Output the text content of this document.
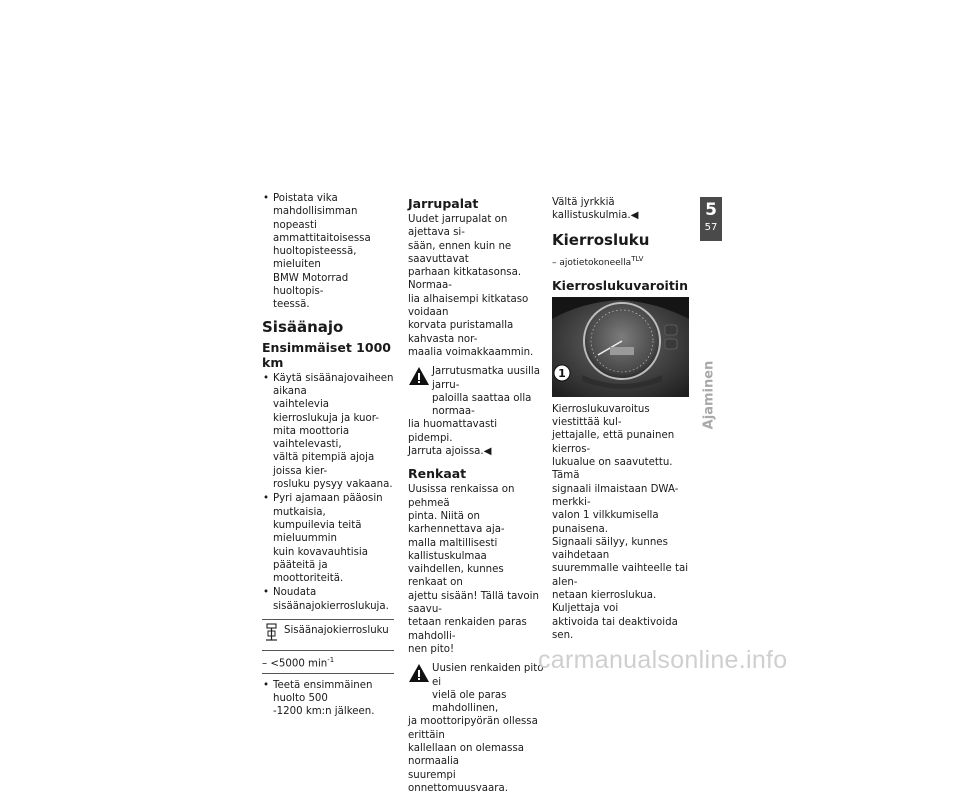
• Poistata vika mahdollisimman
nopeasti ammattitaitoisessa
huoltopisteessä, mieluiten
BMW Motorrad huoltopis-
teessä.
Sisäänajo
Ensimmäiset 1000 km
• Käytä sisäänajovaiheen aikana
vaihtelevia kierroslukuja ja kuor-
mita moottoria vaihtelevasti,
vältä pitempiä ajoja joissa kier-
rosluku pysyy vakaana.
• Pyri ajamaan pääosin mutkaisia,
kumpuilevia teitä mieluummin
kuin kovavauhtisia pääteitä ja
moottoriteitä.
• Noudata sisäänajokierroslukuja.
Sisäänajokierrosluku
– <5000 $\min^{-1}$
• Teetä ensimmäinen huolto 500
-1200 km:n jälkeen.
Jarrupalat

Uudet jarrupalat on ajettava si-
sään, ennen kuin ne saavuttavat
parhaan kitkatasonsa. Normaa-
lia alhaisempi kitkataso voidaan
korvata puristamalla kahvasta nor-
maalia voimakkaammin.

Jarrutusmatka uusilla jarru-
paloilla saattaa olla normaa-

lia huomattavasti pidempi.
Jarruta ajoissa.◀

Renkaat

Uusissa renkaissa on pehmeä
pinta. Niitä on karhennettava aja-
malla maltillisesti kallistuskulmaa
vaihdellen, kunnes renkaat on
ajettu sisään! Tällä tavoin saavu-
tetaan renkaiden paras mahdolli-
nen pito!

Uusien renkaiden pito ei
vielä ole paras mahdollinen,

ja moottoripyörän ollessa erittäin
kallellaan on olemassa normaalia
suurempi onnettomuusvaara.

Vältä jyrkkiä kallistuskulmia.◀

Kierrosluku

– ajotietokoneella$^{TLV}$

Kierroslukuvaroitin
1

Kierroslukuvaroitus viestittää kul-
jettajalle, että punainen kierros-
lukualue on saavutettu. Tämä
signaali ilmaistaan DWA-merkki-
valon 1 vilkkumisella punaisena.
Signaali säilyy, kunnes vaihdetaan
suuremmalle vaihteelle tai alen-
netaan kierroslukua. Kuljettaja voi
aktivoida tai deaktivoida sen.

5
57
Ajaminen
carmanualsonline.info
